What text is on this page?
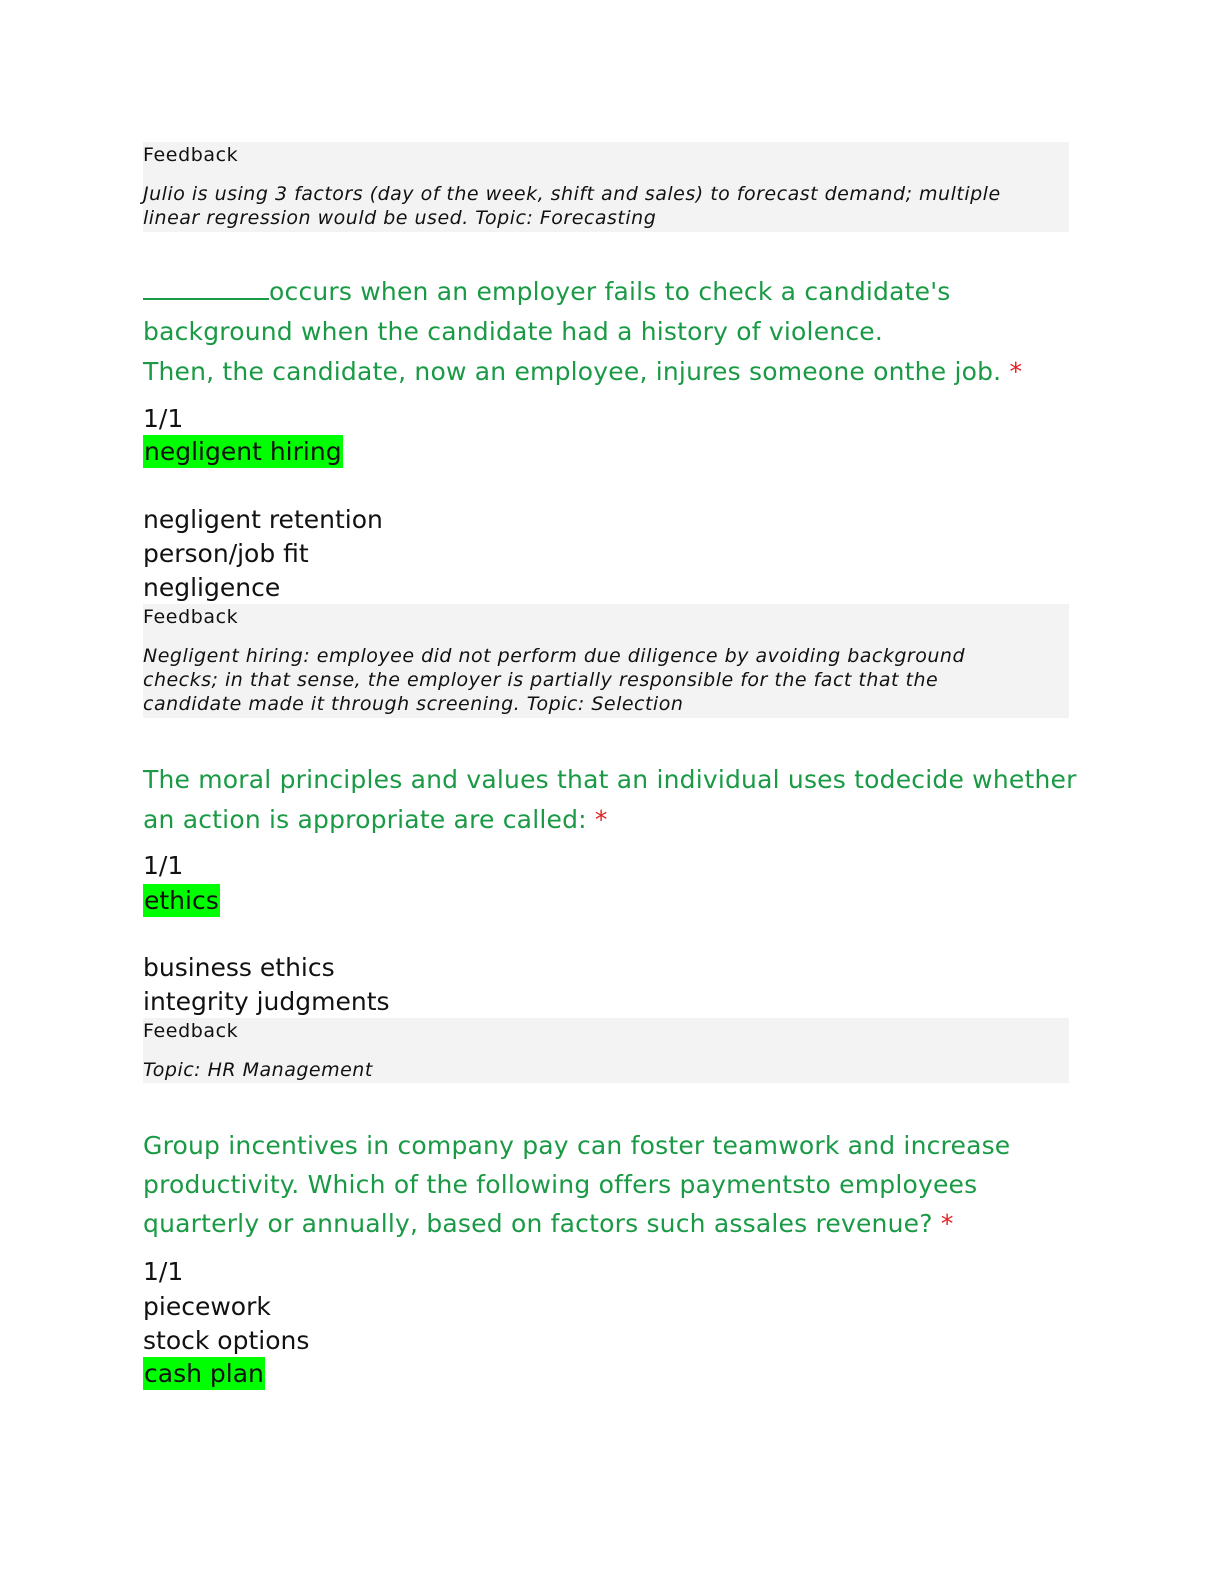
Feedback
Julio is using 3 factors (day of the week, shift and sales) to forecast demand; multiple
linear regression would be used. Topic: Forecasting
occurs when an employer fails to check a candidate's
background when the candidate had a history of violence.
Then, the candidate, now an employee, injures someone onthe job. *
1/1
negligent hiring
negligent retention
person/job fit
negligence
Feedback
Negligent hiring: employee did not perform due diligence by avoiding background
checks; in that sense, the employer is partially responsible for the fact that the
candidate made it through screening. Topic: Selection
The moral principles and values that an individual uses todecide whether
an action is appropriate are called: *
1/1
ethics
business ethics
integrity judgments
Feedback
Topic: HR Management
Group incentives in company pay can foster teamwork and increase
productivity. Which of the following offers paymentsto employees
quarterly or annually, based on factors such assales revenue? *
1/1
piecework
stock options
cash plan
